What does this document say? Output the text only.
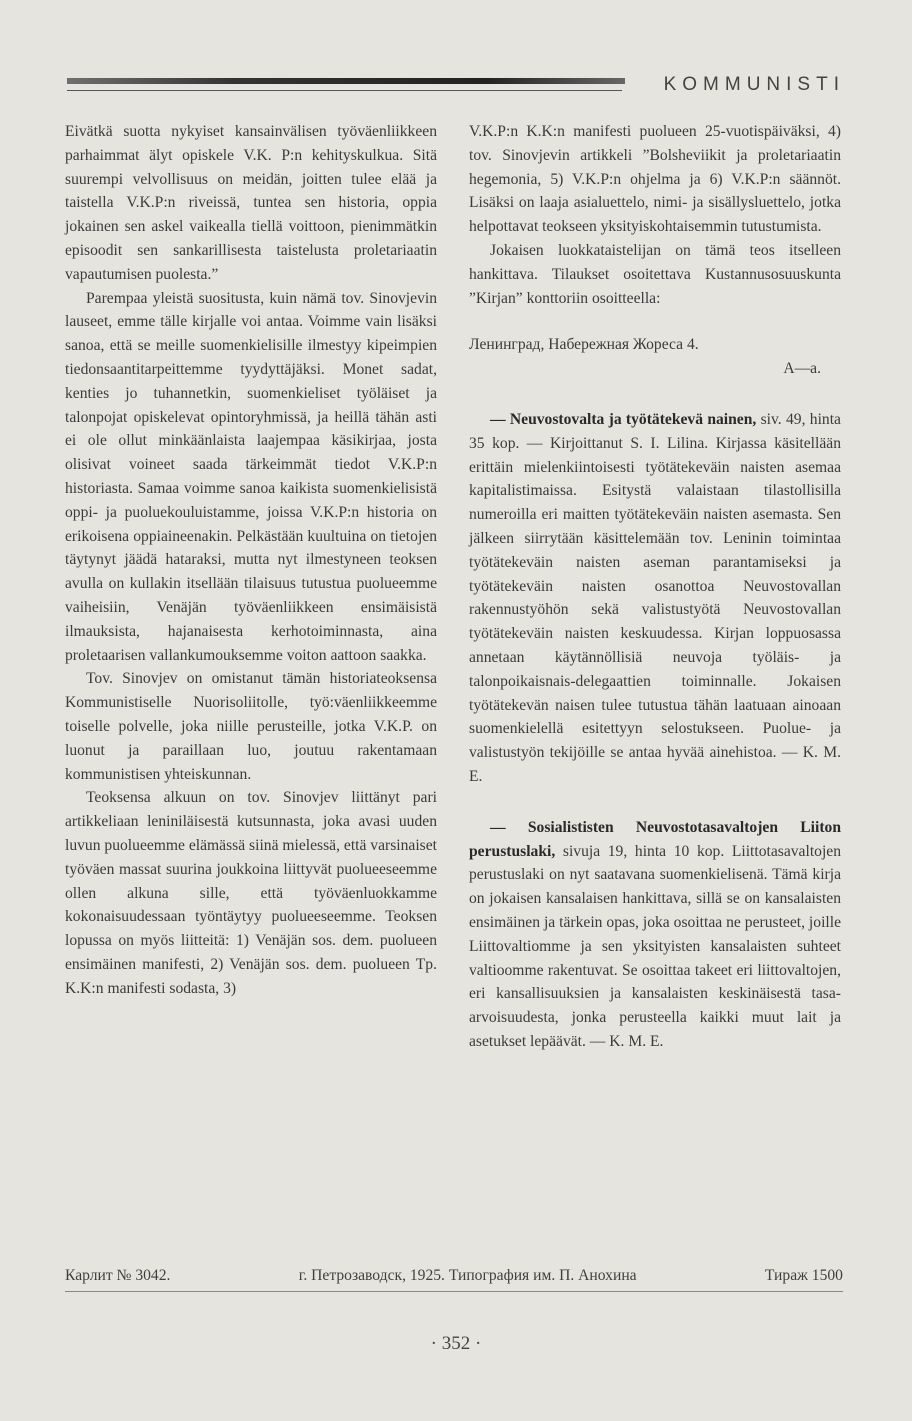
KOMMUNISTI

Eivätkä suotta nykyiset kansainvälisen työväenliikkeen parhaimmat älyt opiskele V.K. P:n kehityskulkua. Sitä suurempi velvollisuus on meidän, joitten tulee elää ja taistella V.K.P:n riveissä, tuntea sen historia, oppia jokainen sen askel vaikealla tiellä voittoon, pienimmätkin episoodit sen sankarillisesta taistelusta proletariaatin vapautumisen puolesta.”

Parempaa yleistä suositusta, kuin nämä tov. Sinovjevin lauseet, emme tälle kirjalle voi antaa. Voimme vain lisäksi sanoa, että se meille suomenkielisille ilmestyy kipeimpien tiedonsaantitarpeittemme tyydyttäjäksi. Monet sadat, kenties jo tuhannetkin, suomenkieliset työläiset ja talonpojat opiskelevat opintoryhmissä, ja heillä tähän asti ei ole ollut minkäänlaista laajempaa käsikirjaa, josta olisivat voineet saada tärkeimmät tiedot V.K.P:n historiasta. Samaa voimme sanoa kaikista suomenkielisistä oppi- ja puoluekouluistamme, joissa V.K.P:n historia on erikoisena oppiaineenakin. Pelkästään kuultuina on tietojen täytynyt jäädä hataraksi, mutta nyt ilmestyneen teoksen avulla on kullakin itsellään tilaisuus tutustua puolueemme vaiheisiin, Venäjän työväenliikkeen ensimäisistä ilmauksista, hajanaisesta kerhotoiminnasta, aina proletaarisen vallankumouksemme voiton aattoon saakka.

Tov. Sinovjev on omistanut tämän historiateoksensa Kommunistiselle Nuorisoliitolle, työ:väenliikkeemme toiselle polvelle, joka niille perusteille, jotka V.K.P. on luonut ja paraillaan luo, joutuu rakentamaan kommunistisen yhteiskunnan.

Teoksensa alkuun on tov. Sinovjev liittänyt pari artikkeliaan leniniläisestä kutsunnasta, joka avasi uuden luvun puolueemme elämässä siinä mielessä, että varsinaiset työväen massat suurina joukkoina liittyvät puolueeseemme ollen alkuna sille, että työväenluokkamme kokonaisuudessaan työntäytyy puolueeseemme. Teoksen lopussa on myös liitteitä: 1) Venäjän sos. dem. puolueen ensimäinen manifesti, 2) Venäjän sos. dem. puolueen Tp. K.K:n manifesti sodasta, 3)

V.K.P:n K.K:n manifesti puolueen 25-vuotispäiväksi, 4) tov. Sinovjevin artikkeli ”Bolsheviikit ja proletariaatin hegemonia, 5) V.K.P:n ohjelma ja 6) V.K.P:n säännöt. Lisäksi on laaja asialuettelo, nimi- ja sisällysluettelo, jotka helpottavat teokseen yksityiskohtaisemmin tutustumista.

Jokaisen luokkataistelijan on tämä teos itselleen hankittava. Tilaukset osoitettava Kustannusosuuskunta ”Kirjan” konttoriin osoitteella:

Ленинград, Набережная Жореса 4.

A—a.

— Neuvostovalta ja työtätekevä nainen, siv. 49, hinta 35 kop. — Kirjoittanut S. I. Lilina. Kirjassa käsitellään erittäin mielenkiintoisesti työtätekeväin naisten asemaa kapitalistimaissa. Esitystä valaistaan tilastollisilla numeroilla eri maitten työtätekeväin naisten asemasta. Sen jälkeen siirrytään käsittelemään tov. Leninin toimintaa työtätekeväin naisten aseman parantamiseksi ja työtätekeväin naisten osanottoa Neuvostovallan rakennustyöhön sekä valistustyötä Neuvostovallan työtätekeväin naisten keskuudessa. Kirjan loppuosassa annetaan käytännöllisiä neuvoja työläis- ja talonpoikaisnais-delegaattien toiminnalle. Jokaisen työtätekevän naisen tulee tutustua tähän laatuaan ainoaan suomenkielellä esitettyyn selostukseen. Puolue- ja valistustyön tekijöille se antaa hyvää ainehistoa. — K. M. E.

— Sosialististen Neuvostotasavaltojen Liiton perustuslaki, sivuja 19, hinta 10 kop. Liittotasavaltojen perustuslaki on nyt saatavana suomenkielisenä. Tämä kirja on jokaisen kansalaisen hankittava, sillä se on kansalaisten ensimäinen ja tärkein opas, joka osoittaa ne perusteet, joille Liittovaltiomme ja sen yksityisten kansalaisten suhteet valtioomme rakentuvat. Se osoittaa takeet eri liittovaltojen, eri kansallisuuksien ja kansalaisten keskinäisestä tasa-arvoisuudesta, jonka perusteella kaikki muut lait ja asetukset lepäävät. — K. M. E.

Карлит № 3042.	г. Петрозаводск, 1925. Типография им. П. Анохина	Тираж 1500
· 352 ·
